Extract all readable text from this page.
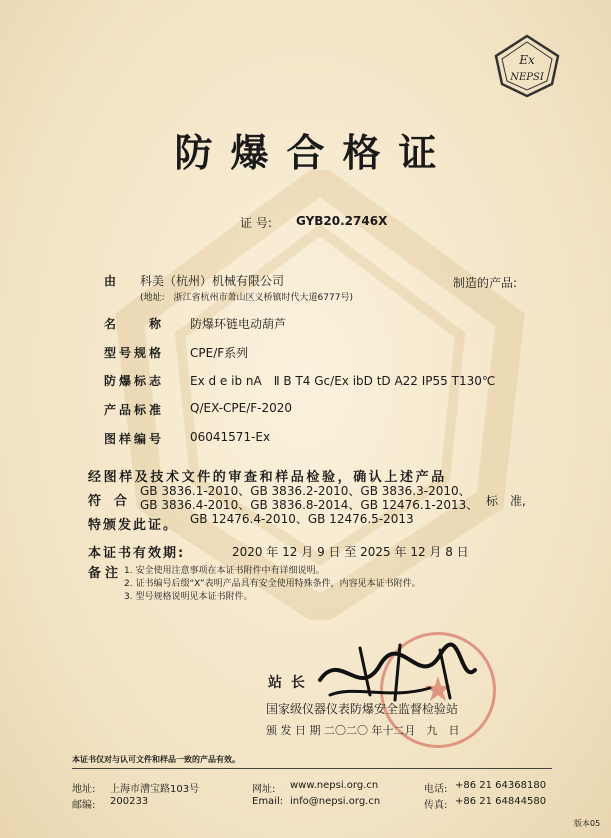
Ex
NEPSI
防爆合格证
证 号: GYB20.2746X
由 科美（杭州）机械有限公司	制造的产品:
(地址:　浙江省杭州市萧山区义桥镇时代大道6777号)
名　　称 防爆环链电动葫芦
型号规格 CPE/F系列
防爆标志 Ex d e ib nA　Ⅱ B T4 Gc/Ex ibD tD A22 IP55 T130℃
产品标准 Q/EX-CPE/F-2020
图样编号 06041571-Ex
经图样及技术文件的审查和样品检验，确认上述产品
符　合
GB 3836.1-2010、GB 3836.2-2010、GB 3836.3-2010、
GB 3836.4-2010、GB 3836.8-2014、GB 12476.1-2013、 标　准,
GB 12476.4-2010、GB 12476.5-2013
特颁发此证。
本证书有效期:	2020 年 12 月 9 日 至 2025 年 12 月 8 日
备注 1. 安全使用注意事项在本证书附件中有详细说明。
2. 证书编号后缀“X”表明产品具有安全使用特殊条件，内容见本证书附件。
3. 型号规格说明见本证书附件。
★
站 长
国家级仪器仪表防爆安全监督检验站
颁 发 日 期 二〇二〇 年十二月　九　日
本证书仅对与认可文件和样品一致的产品有效。
地址: 上海市漕宝路103号
邮编: 200233
网址: www.nepsi.org.cn
Email: info@nepsi.org.cn
电话: +86 21 64368180
传真: +86 21 64844580
版本05
